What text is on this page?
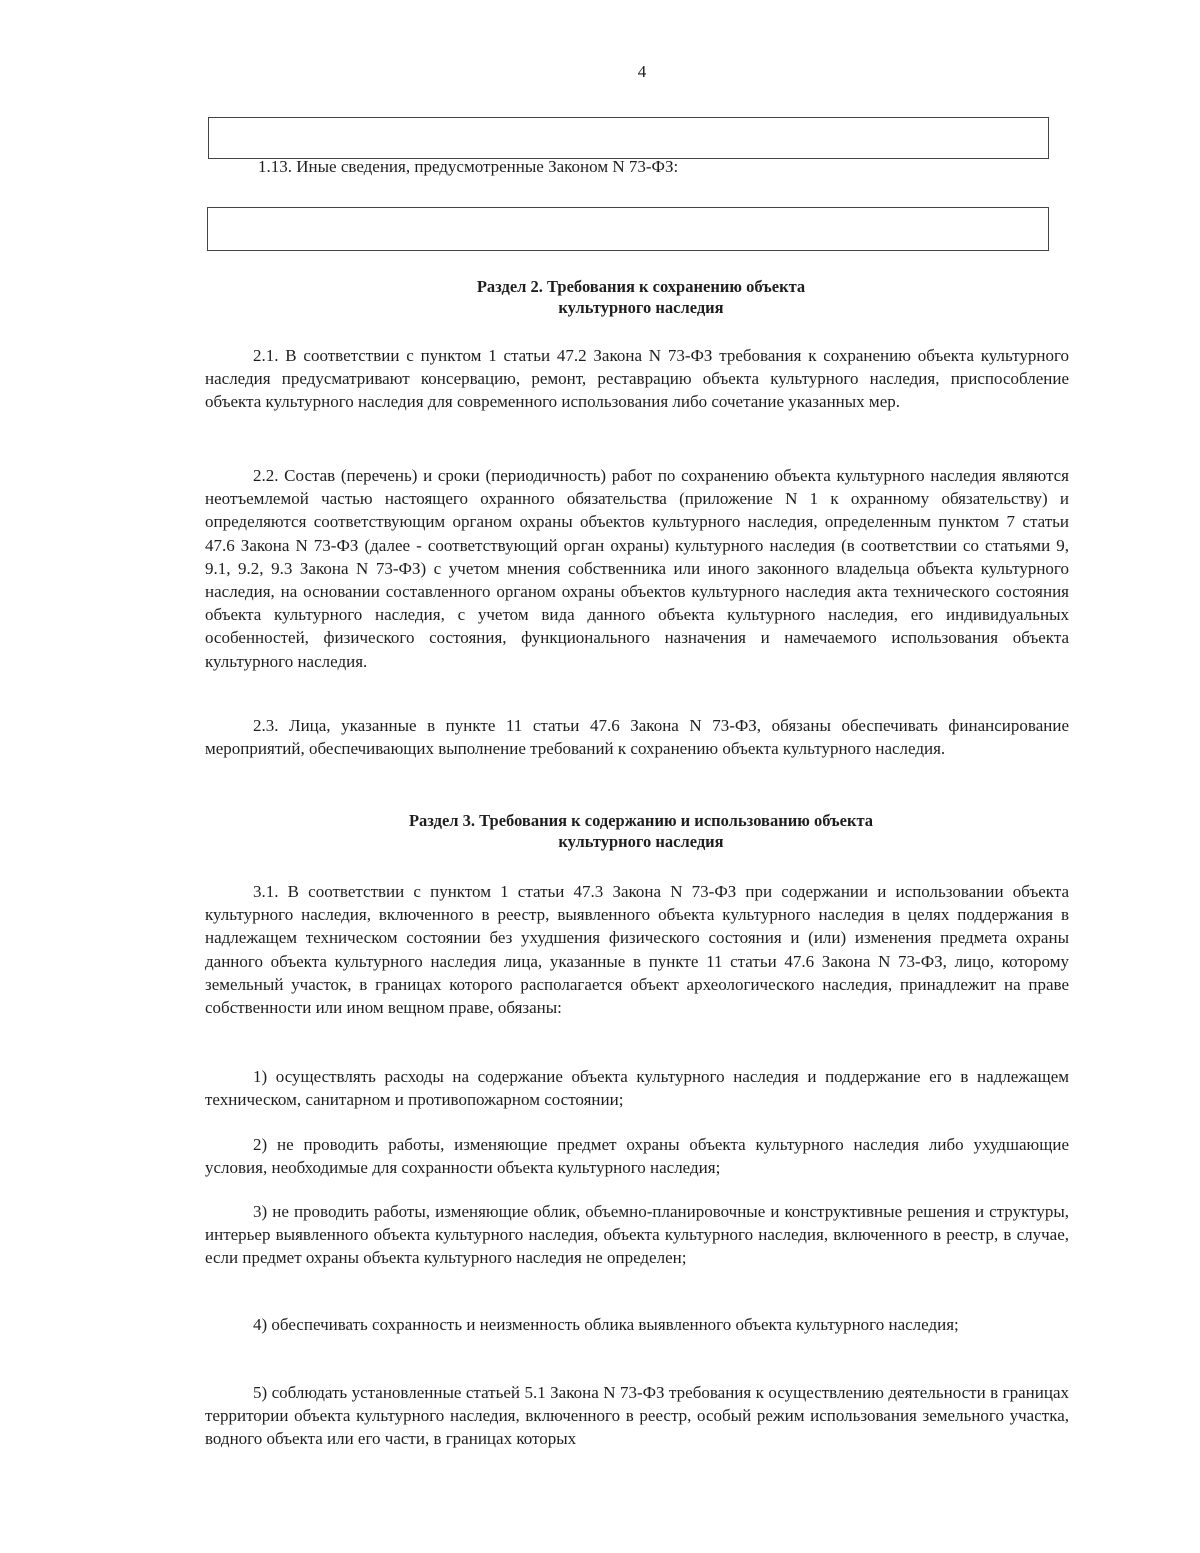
4
1.13. Иные сведения, предусмотренные Законом N 73-ФЗ:
Раздел 2. Требования к сохранению объекта
культурного наследия
2.1. В соответствии с пунктом 1 статьи 47.2 Закона N 73-ФЗ требования к сохранению объекта культурного наследия предусматривают консервацию, ремонт, реставрацию объекта культурного наследия, приспособление объекта культурного наследия для современного использования либо сочетание указанных мер.
2.2. Состав (перечень) и сроки (периодичность) работ по сохранению объекта культурного наследия являются неотъемлемой частью настоящего охранного обязательства (приложение N 1 к охранному обязательству) и определяются соответствующим органом охраны объектов культурного наследия, определенным пунктом 7 статьи 47.6 Закона N 73-ФЗ (далее - соответствующий орган охраны) культурного наследия (в соответствии со статьями 9, 9.1, 9.2, 9.3 Закона N 73-ФЗ) с учетом мнения собственника или иного законного владельца объекта культурного наследия, на основании составленного органом охраны объектов культурного наследия акта технического состояния объекта культурного наследия, с учетом вида данного объекта культурного наследия, его индивидуальных особенностей, физического состояния, функционального назначения и намечаемого использования объекта культурного наследия.
2.3. Лица, указанные в пункте 11 статьи 47.6 Закона N 73-ФЗ, обязаны обеспечивать финансирование мероприятий, обеспечивающих выполнение требований к сохранению объекта культурного наследия.
Раздел 3. Требования к содержанию и использованию объекта
культурного наследия
3.1. В соответствии с пунктом 1 статьи 47.3 Закона N 73-ФЗ при содержании и использовании объекта культурного наследия, включенного в реестр, выявленного объекта культурного наследия в целях поддержания в надлежащем техническом состоянии без ухудшения физического состояния и (или) изменения предмета охраны данного объекта культурного наследия лица, указанные в пункте 11 статьи 47.6 Закона N 73-ФЗ, лицо, которому земельный участок, в границах которого располагается объект археологического наследия, принадлежит на праве собственности или ином вещном праве, обязаны:
1) осуществлять расходы на содержание объекта культурного наследия и поддержание его в надлежащем техническом, санитарном и противопожарном состоянии;
2) не проводить работы, изменяющие предмет охраны объекта культурного наследия либо ухудшающие условия, необходимые для сохранности объекта культурного наследия;
3) не проводить работы, изменяющие облик, объемно-планировочные и конструктивные решения и структуры, интерьер выявленного объекта культурного наследия, объекта культурного наследия, включенного в реестр, в случае, если предмет охраны объекта культурного наследия не определен;
4) обеспечивать сохранность и неизменность облика выявленного объекта культурного наследия;
5) соблюдать установленные статьей 5.1 Закона N 73-ФЗ требования к осуществлению деятельности в границах территории объекта культурного наследия, включенного в реестр, особый режим использования земельного участка, водного объекта или его части, в границах которых
